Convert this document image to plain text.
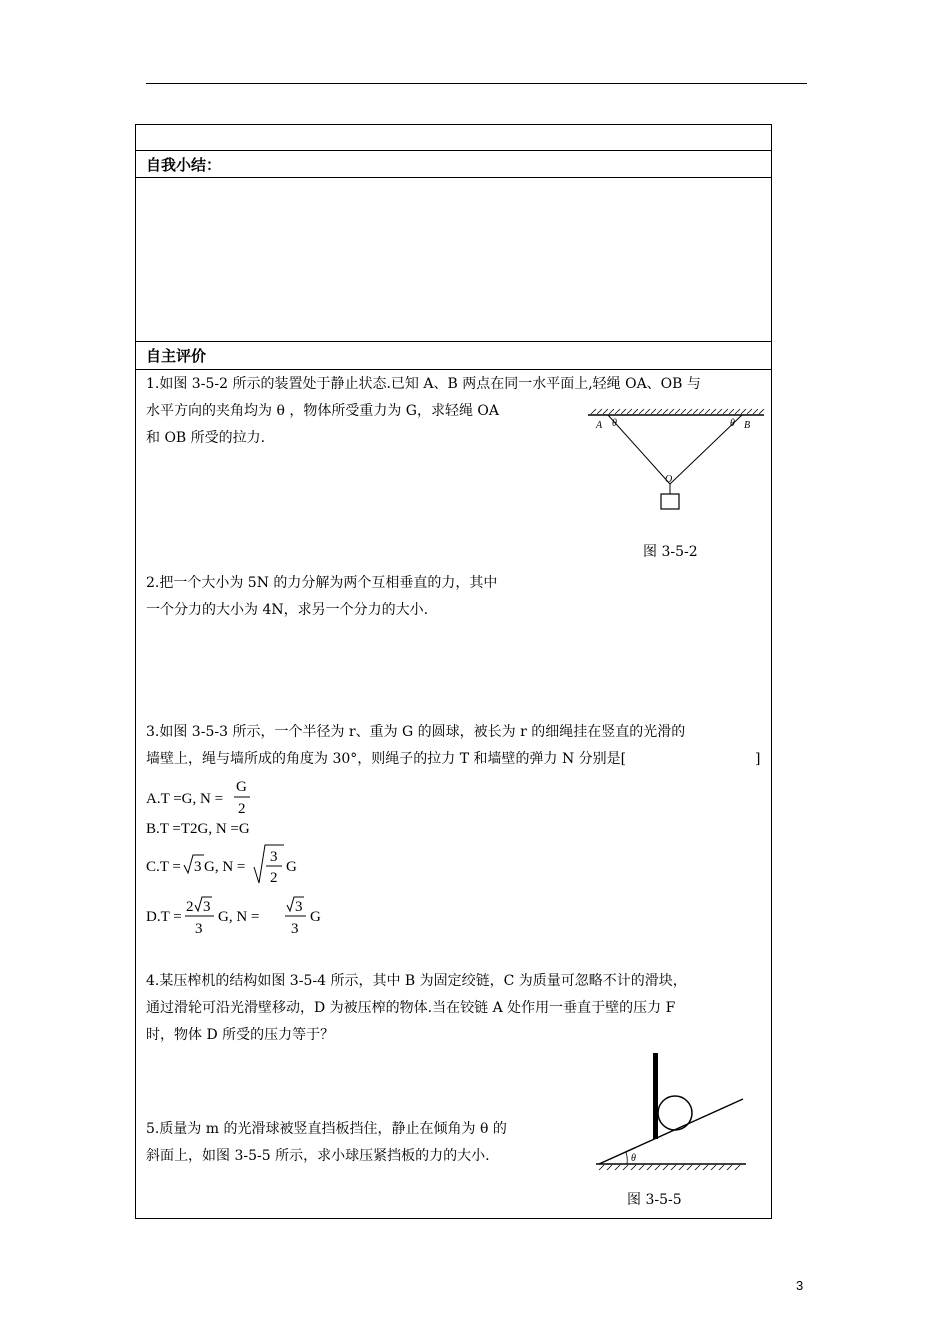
自我小结：
自主评价
1.如图 3-5-2 所示的装置处于静止状态.已知 A、B 两点在同一水平面上,轻绳 OA、OB 与
水平方向的夹角均为 θ ，物体所受重力为 G，求轻绳 OA
和 OB 所受的拉力.
A θ	θ B
O
图 3-5-2
2.把一个大小为 5N 的力分解为两个互相垂直的力，其中
一个分力的大小为 4N，求另一个分力的大小.
3.如图 3-5-3 所示，一个半径为 r、重为 G 的圆球，被长为 r 的细绳挂在竖直的光滑的
墙壁上，绳与墙所成的角度为 30°，则绳子的拉力 T 和墙壁的弹力 N 分别是[	]
A.T =G, N =
G
2
B.T =T2G, N =G
C.T = 3 G, N =
3
2
G
D.T =
2 3
3
G, N =
3
3
G
4.某压榨机的结构如图 3-5-4 所示，其中 B 为固定绞链，C 为质量可忽略不计的滑块，
通过滑轮可沿光滑壁移动，D 为被压榨的物体.当在铰链 A 处作用一垂直于壁的压力 F
时，物体 D 所受的压力等于？
5.质量为 m 的光滑球被竖直挡板挡住，静止在倾角为 θ 的
斜面上，如图 3-5-5 所示，求小球压紧挡板的力的大小.	θ
图 3-5-5
3
